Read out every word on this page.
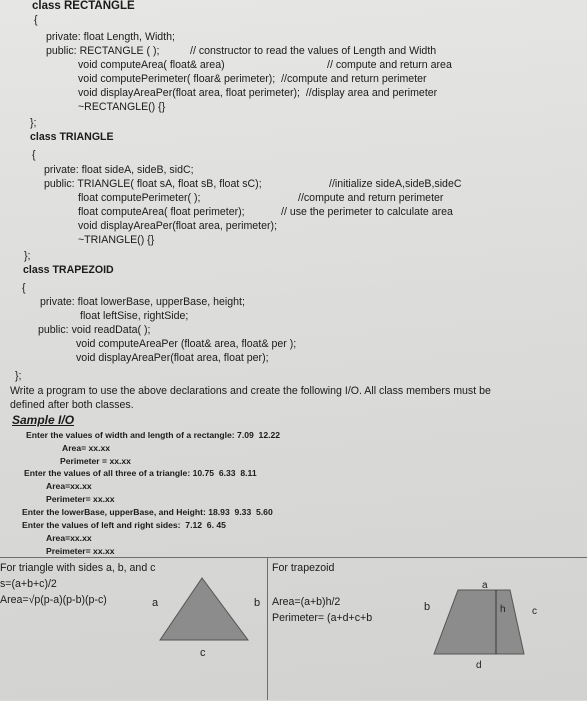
class RECTANGLE
{
private: float Length, Width;
public: RECTANGLE ( );	// constructor to read the values of Length and Width
void computeArea( float& area)	// compute and return area
void computePerimeter( floar& perimeter);  //compute and return perimeter
void displayAreaPer(float area, float perimeter);  //display area and perimeter
~RECTANGLE() {}
};
class TRIANGLE
{
private: float sideA, sideB, sidC;
public: TRIANGLE( float sA, float sB, float sC);	//initialize sideA,sideB,sideC
float computePerimeter( );	//compute and return perimeter
float computeArea( float perimeter);	// use the perimeter to calculate area
void displayAreaPer(float area, perimeter);
~TRIANGLE() {}
};
class TRAPEZOID
{
private: float lowerBase, upperBase, height;
float leftSise, rightSide;
public: void readData( );
void computeAreaPer (float& area, float& per );
void displayAreaPer(float area, float per);
};
Write a program to use the above declarations and create the following I/O. All class members must be
defined after both classes.
Sample I/O
Enter the values of width and length of a rectangle: 7.09  12.22
Area= xx.xx
Perimeter = xx.xx
Enter the values of all three of a triangle: 10.75  6.33  8.11
Area=xx.xx
Perimeter= xx.xx
Enter the lowerBase, upperBase, and Height: 18.93  9.33  5.60
Enter the values of left and right sides:  7.12  6. 45
Area=xx.xx
Preimeter= xx.xx
For triangle with sides a, b, and c
s=(a+b+c)/2
Area=√p(p-a)(p-b)(p-c)
For trapezoid
Area=(a+b)h/2
Perimeter= (a+d+c+b
a	b
c
a
b	h	c
d
